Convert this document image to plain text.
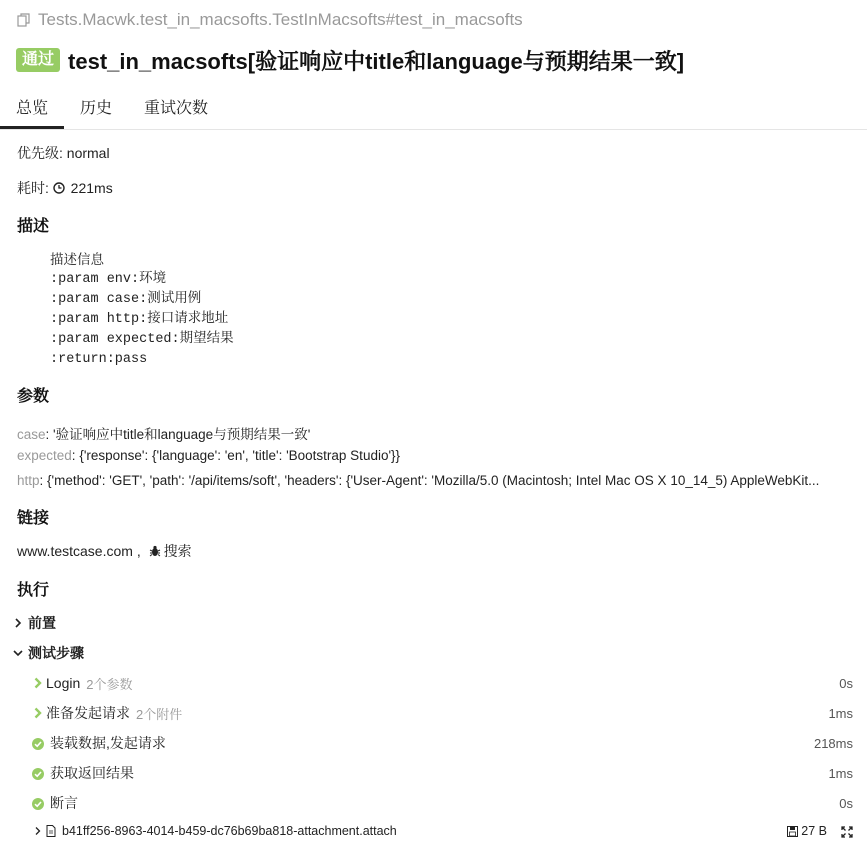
Tests.Macwk.test_in_macsofts.TestInMacsofts#test_in_macsofts
通过 test_in_macsofts[验证响应中title和language与预期结果一致]
总览	历史	重试次数
优先级: normal
耗时: 221ms
描述
描述信息
:param env:环境
:param case:测试用例
:param http:接口请求地址
:param expected:期望结果
:return:pass
参数
case: '验证响应中title和language与预期结果一致'
expected: {'response': {'language': 'en', 'title': 'Bootstrap Studio'}}
http: {'method': 'GET', 'path': '/api/items/soft', 'headers': {'User-Agent': 'Mozilla/5.0 (Macintosh; Intel Mac OS X 10_14_5) AppleWebKit...
链接
www.testcase.com , 搜索
执行
前置
测试步骤
Login 2个参数	0s
准备发起请求 2个附件	1ms
装载数据,发起请求	218ms
获取返回结果	1ms
断言	0s
b41ff256-8963-4014-b459-dc76b69ba818-attachment.attach	27 B
